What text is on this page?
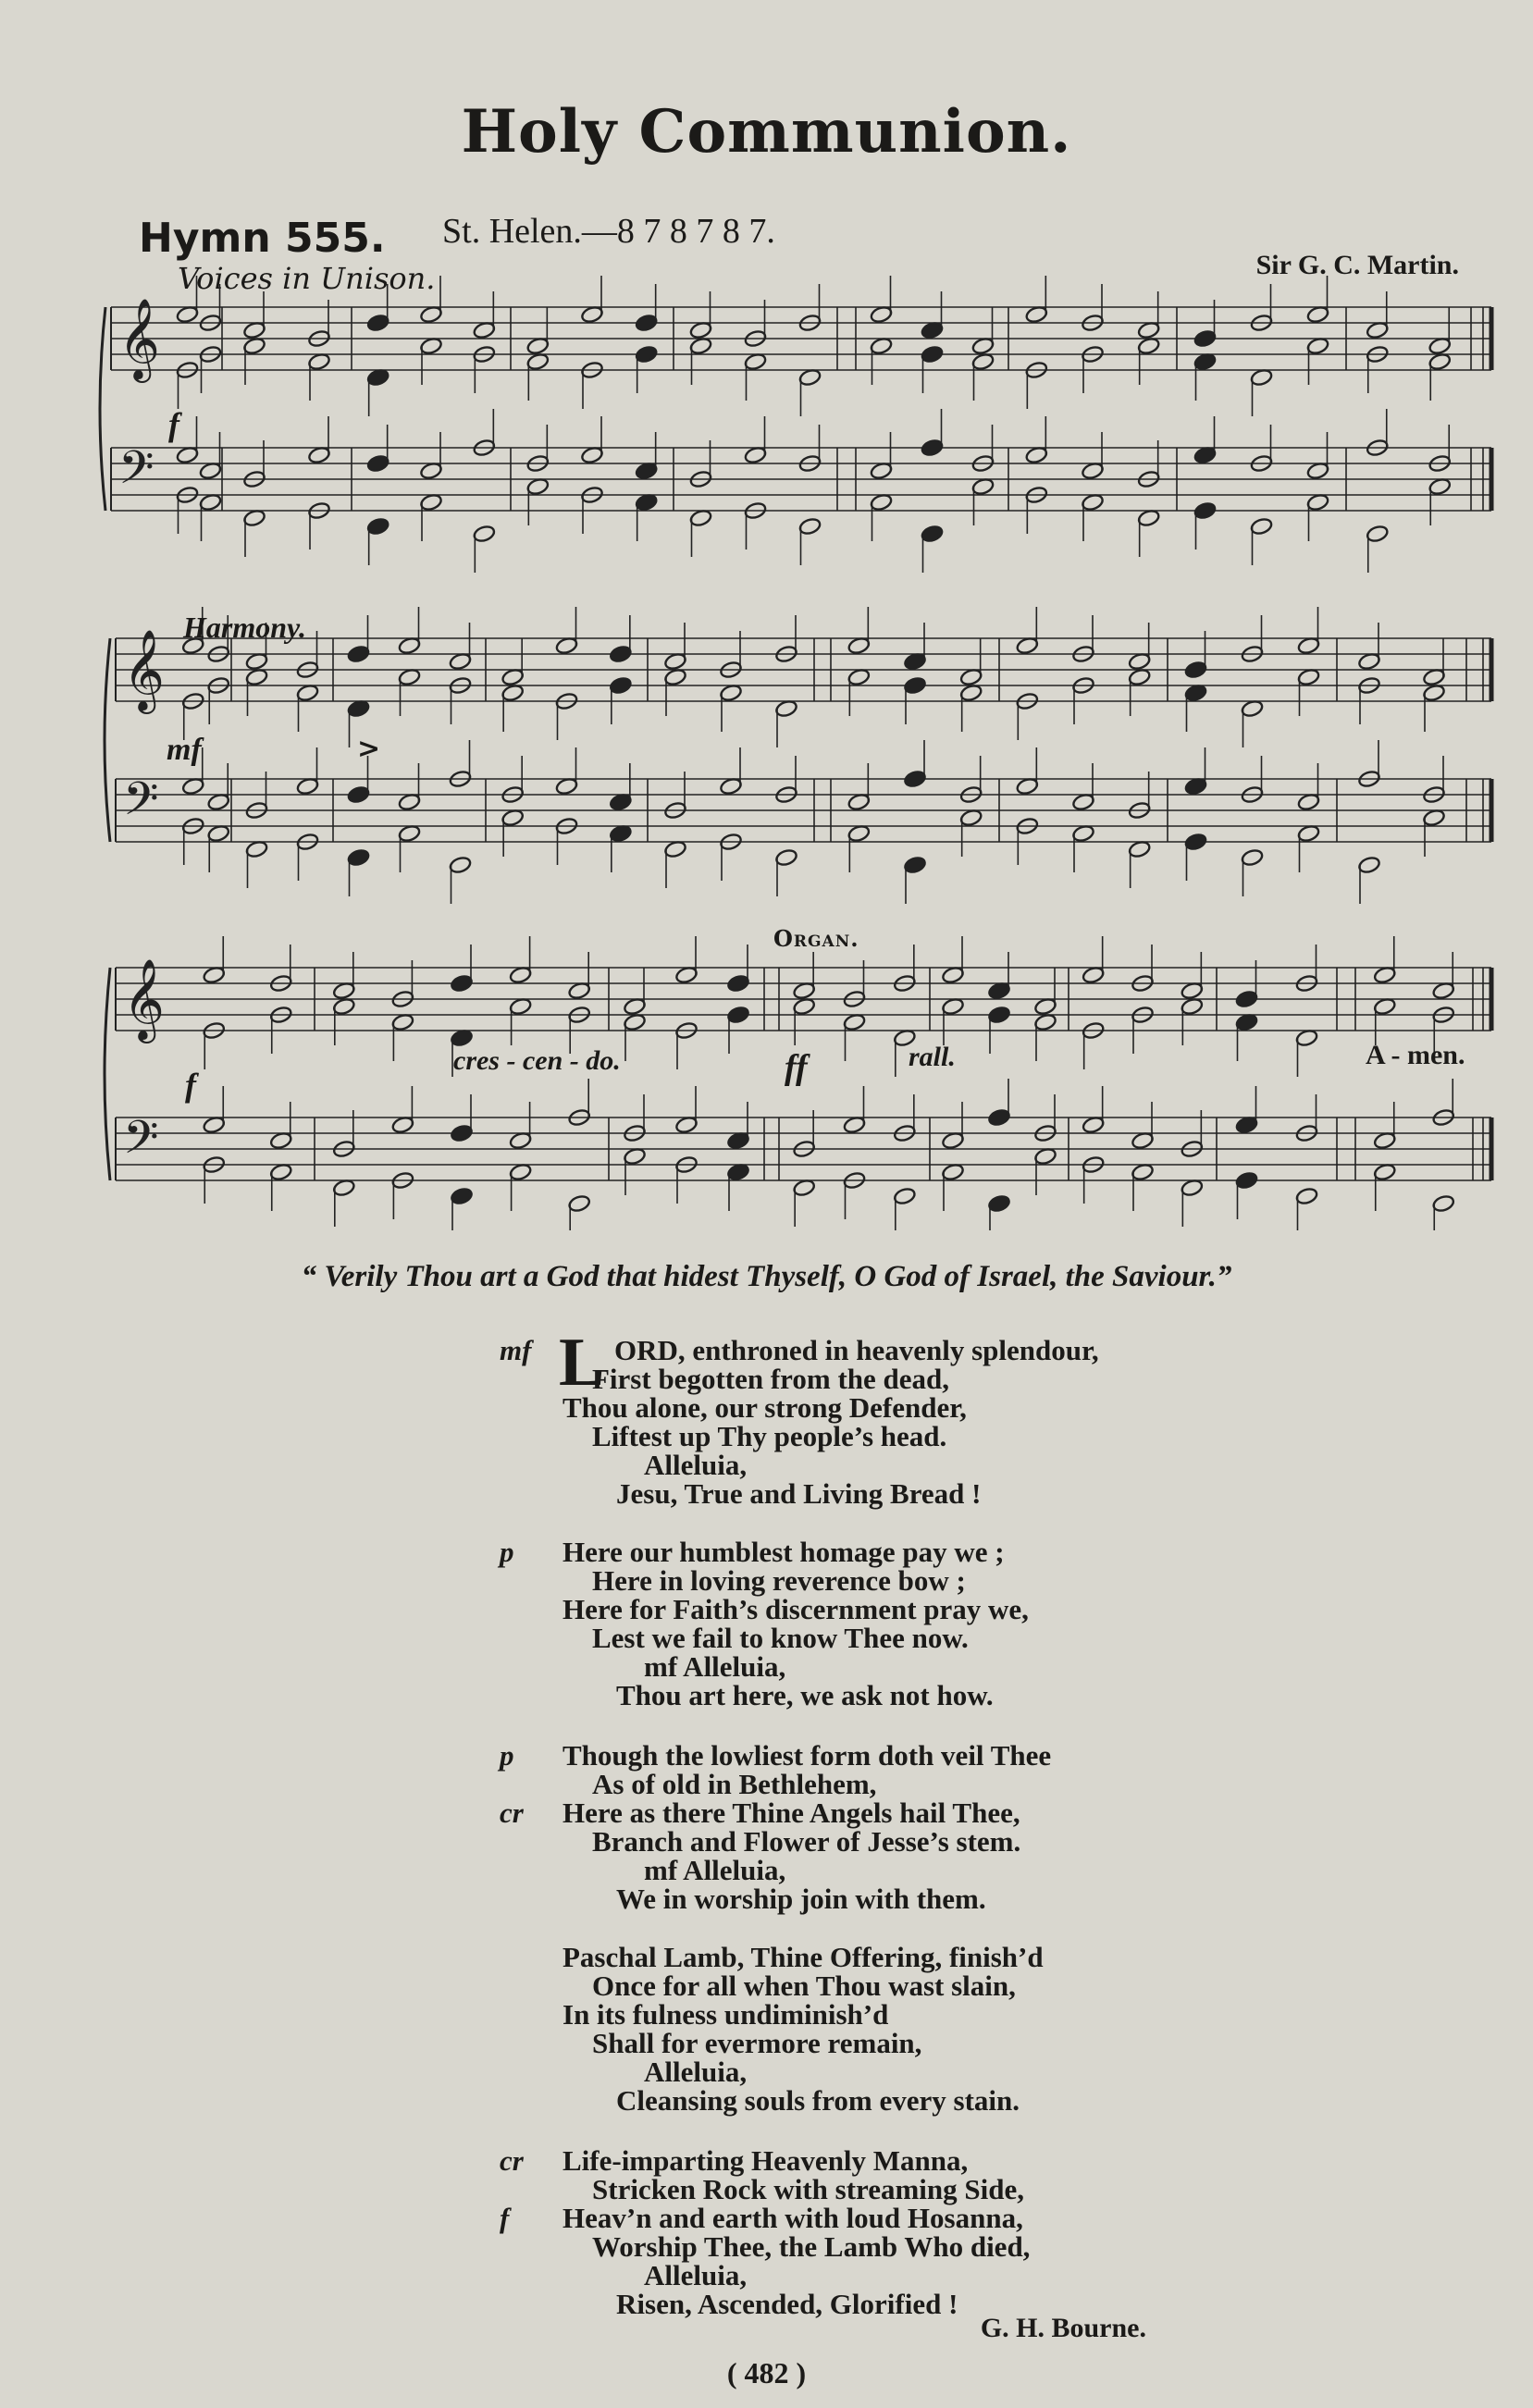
Holy Communion.
Hymn 555. St. Helen.—8 7 8 7 8 7.
Voices in Unison.	Sir G. C. Martin.
𝄞
𝄢
𝄞
𝄢
𝄞
𝄢
Harmony.
f
mf	>
Organ.
f
cres - cen - do.	ff	rall.	A - men.
“ Verily Thou art a God that hidest Thyself, O God of Israel, the Saviour.”
mf L ORD, enthroned in heavenly splendour,
First begotten from the dead,
Thou alone, our strong Defender,
Liftest up Thy people’s head.
Alleluia,
Jesu, True and Living Bread !
p Here our humblest homage pay we ;
Here in loving reverence bow ;
Here for Faith’s discernment pray we,
Lest we fail to know Thee now.
mf Alleluia,
Thou art here, we ask not how.
p Though the lowliest form doth veil Thee
As of old in Bethlehem,
cr Here as there Thine Angels hail Thee,
Branch and Flower of Jesse’s stem.
mf Alleluia,
We in worship join with them.
Paschal Lamb, Thine Offering, finish’d
Once for all when Thou wast slain,
In its fulness undiminish’d
Shall for evermore remain,
Alleluia,
Cleansing souls from every stain.
cr Life-imparting Heavenly Manna,
Stricken Rock with streaming Side,
f Heav’n and earth with loud Hosanna,
Worship Thee, the Lamb Who died,
Alleluia,
Risen, Ascended, Glorified !
G. H. Bourne.
( 482 )
